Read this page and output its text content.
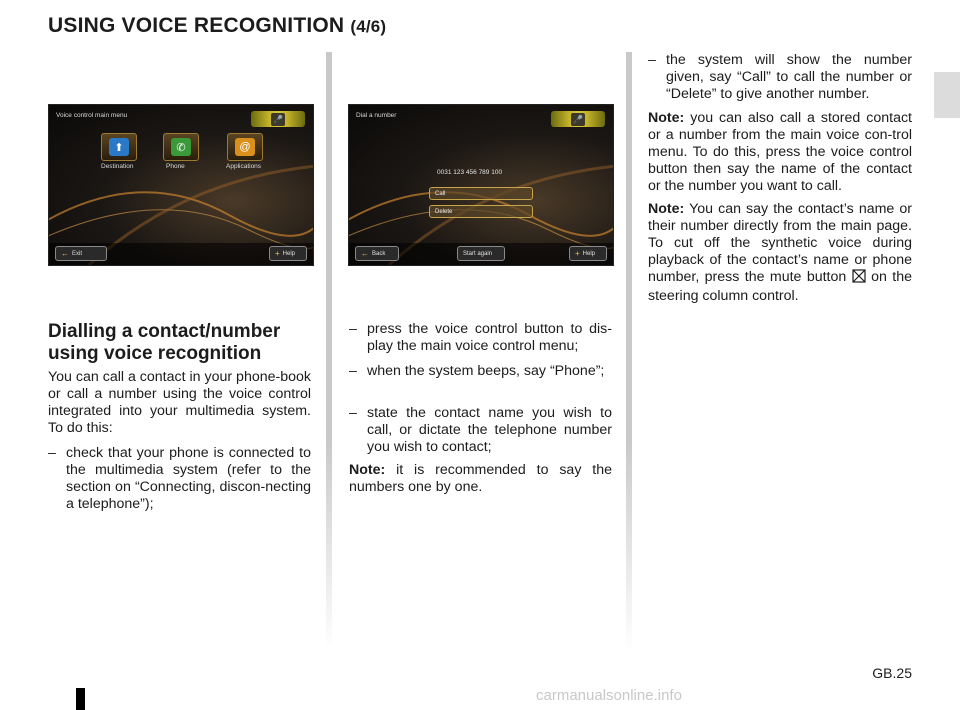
USING VOICE RECOGNITION (4/6)
Voice control main menu	🎤
⬆
Destination
✆
Phone
@
Applications
← Exit	+ Help
Dial a number	🎤
0031 123 456 789 100
Call
Delete
← Back	Start again	+ Help
Dialling a contact/number
using voice recognition

You can call a contact in your phone-book or call a number using the voice control integrated into your multimedia system. To do this:

– check that your phone is connected to the multimedia system (refer to the section on “Connecting, discon-necting a telephone”);

– press the voice control button to dis-play the main voice control menu;

– when the system beeps, say “Phone”;

– state the contact name you wish to call, or dictate the telephone number you wish to contact;

Note: it is recommended to say the numbers one by one.

– the system will show the number given, say “Call” to call the number or “Delete” to give another number.

Note: you can also call a stored contact or a number from the main voice con-trol menu. To do this, press the voice control button then say the name of the contact or the number you want to call.

Note: You can say the contact’s name or their number directly from the main page. To cut off the synthetic voice during playback of the contact’s name or phone number, press the mute button on the steering column control.

GB.25
carmanualsonline.info
